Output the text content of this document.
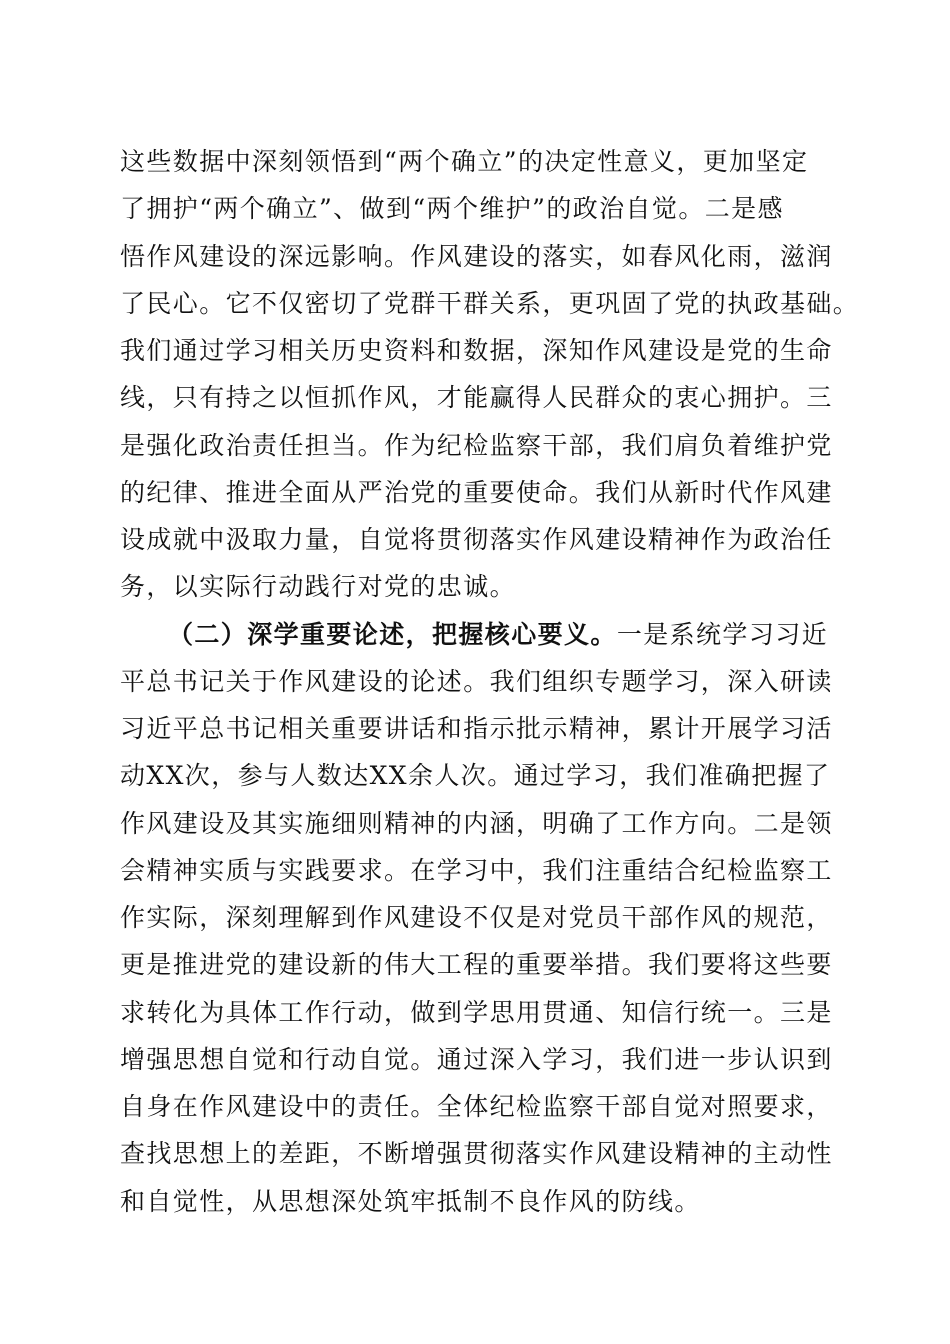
这些数据中深刻领悟到“两个确立”的决定性意义，更加坚定
了拥护“两个确立”、做到“两个维护”的政治自觉。二是感
悟作风建设的深远影响。作风建设的落实，如春风化雨，滋润
了民心。它不仅密切了党群干群关系，更巩固了党的执政基础。
我们通过学习相关历史资料和数据，深知作风建设是党的生命
线，只有持之以恒抓作风，才能赢得人民群众的衷心拥护。三
是强化政治责任担当。作为纪检监察干部，我们肩负着维护党
的纪律、推进全面从严治党的重要使命。我们从新时代作风建
设成就中汲取力量，自觉将贯彻落实作风建设精神作为政治任
务，以实际行动践行对党的忠诚。
（二）深学重要论述，把握核心要义。一是系统学习习近
平总书记关于作风建设的论述。我们组织专题学习，深入研读
习近平总书记相关重要讲话和指示批示精神，累计开展学习活
动XX次，参与人数达XX余人次。通过学习，我们准确把握了
作风建设及其实施细则精神的内涵，明确了工作方向。二是领
会精神实质与实践要求。在学习中，我们注重结合纪检监察工
作实际，深刻理解到作风建设不仅是对党员干部作风的规范，
更是推进党的建设新的伟大工程的重要举措。我们要将这些要
求转化为具体工作行动，做到学思用贯通、知信行统一。三是
增强思想自觉和行动自觉。通过深入学习，我们进一步认识到
自身在作风建设中的责任。全体纪检监察干部自觉对照要求，
查找思想上的差距，不断增强贯彻落实作风建设精神的主动性
和自觉性，从思想深处筑牢抵制不良作风的防线。
